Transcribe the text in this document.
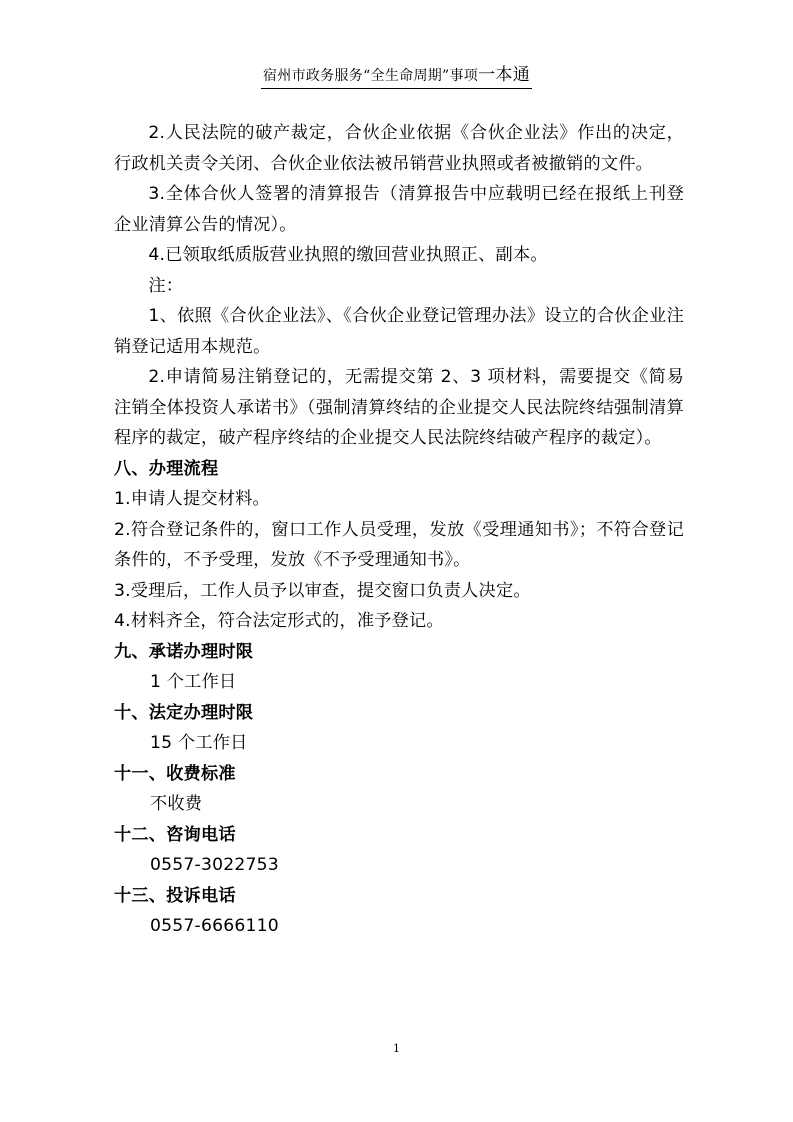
宿州市政务服务“全生命周期”事项一本通

2.人民法院的破产裁定，合伙企业依据《合伙企业法》作出的决定，行政机关责令关闭、合伙企业依法被吊销营业执照或者被撤销的文件。

3.全体合伙人签署的清算报告（清算报告中应载明已经在报纸上刊登企业清算公告的情况）。

4.已领取纸质版营业执照的缴回营业执照正、副本。

注：

1、依照《合伙企业法》、《合伙企业登记管理办法》设立的合伙企业注销登记适用本规范。

2.申请简易注销登记的，无需提交第 2、3 项材料，需要提交《简易注销全体投资人承诺书》（强制清算终结的企业提交人民法院终结强制清算程序的裁定，破产程序终结的企业提交人民法院终结破产程序的裁定）。

八、办理流程

1.申请人提交材料。

2.符合登记条件的，窗口工作人员受理，发放《受理通知书》；不符合登记条件的，不予受理，发放《不予受理通知书》。

3.受理后，工作人员予以审查，提交窗口负责人决定。

4.材料齐全，符合法定形式的，准予登记。

九、承诺办理时限

1 个工作日

十、法定办理时限

15 个工作日

十一、收费标准

不收费

十二、咨询电话

0557-3022753

十三、投诉电话

0557-6666110

1
